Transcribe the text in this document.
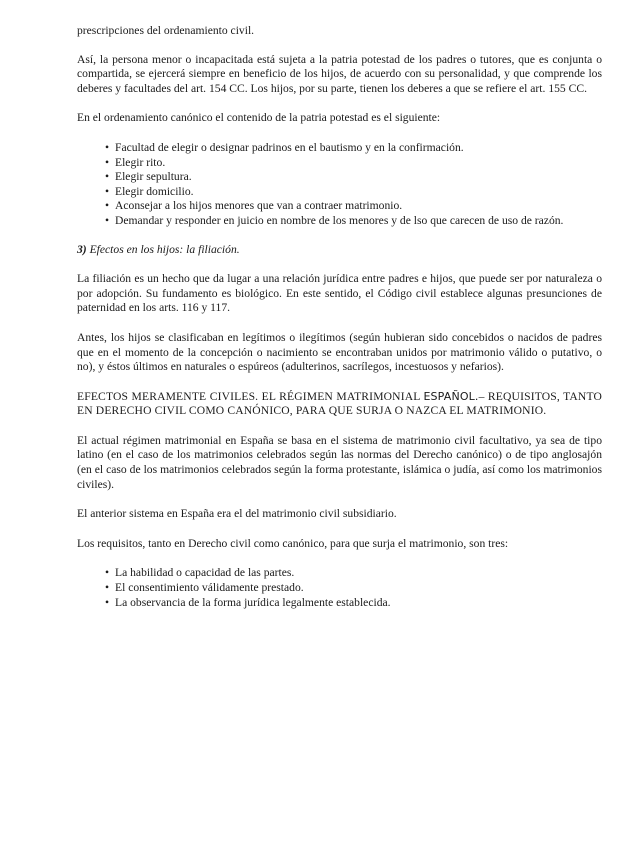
prescripciones del ordenamiento civil.

Así, la persona menor o incapacitada está sujeta a la patria potestad de los padres o tutores, que es conjunta o compartida, se ejercerá siempre en beneficio de los hijos, de acuerdo con su personalidad, y que comprende los deberes y facultades del art. 154 CC. Los hijos, por su parte, tienen los deberes a que se refiere el art. 155 CC.

En el ordenamiento canónico el contenido de la patria potestad es el siguiente:

• Facultad de elegir o designar padrinos en el bautismo y en la confirmación.
• Elegir rito.
• Elegir sepultura.
• Elegir domicilio.
• Aconsejar a los hijos menores que van a contraer matrimonio.
• Demandar y responder en juicio en nombre de los menores y de lso que carecen de uso de razón.

3) Efectos en los hijos: la filiación.

La filiación es un hecho que da lugar a una relación jurídica entre padres e hijos, que puede ser por naturaleza o por adopción. Su fundamento es biológico. En este sentido, el Código civil establece algunas presunciones de paternidad en los arts. 116 y 117.

Antes, los hijos se clasificaban en legítimos o ilegítimos (según hubieran sido concebidos o nacidos de padres que en el momento de la concepción o nacimiento se encontraban unidos por matrimonio válido o putativo, o no), y éstos últimos en naturales o espúreos (adulterinos, sacrílegos, incestuosos y nefarios).

EFECTOS MERAMENTE CIVILES. EL RÉGIMEN MATRIMONIAL ESPAÑOL.– REQUISITOS, TANTO EN DERECHO CIVIL COMO CANÓNICO, PARA QUE SURJA O NAZCA EL MATRIMONIO.

El actual régimen matrimonial en España se basa en el sistema de matrimonio civil facultativo, ya sea de tipo latino (en el caso de los matrimonios celebrados según las normas del Derecho canónico) o de tipo anglosajón (en el caso de los matrimonios celebrados según la forma protestante, islámica o judía, así como los matrimonios civiles).

El anterior sistema en España era el del matrimonio civil subsidiario.

Los requisitos, tanto en Derecho civil como canónico, para que surja el matrimonio, son tres:

• La habilidad o capacidad de las partes.
• El consentimiento válidamente prestado.
• La observancia de la forma jurídica legalmente establecida.
